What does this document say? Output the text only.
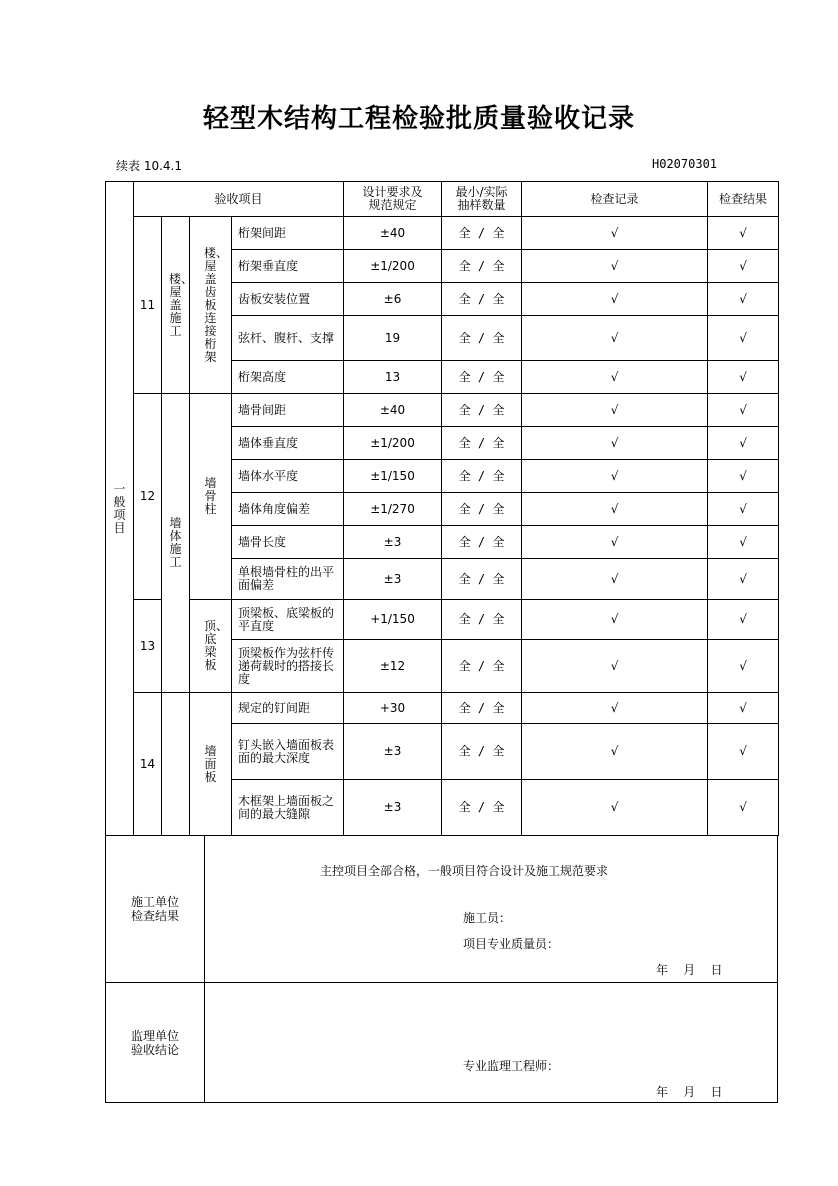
轻型木结构工程检验批质量验收记录
续表 10.4.1	H02070301
一般项目	验收项目				设计要求及规范规定	最小/实际抽样数量	检查记录	检查结果
	11	楼、屋盖施工	楼、屋盖齿板连接桁架	桁架间距	±40	全 / 全	√	√
				桁架垂直度	±1/200	全 / 全	√	√
				齿板安装位置	±6	全 / 全	√	√
				弦杆、腹杆、支撑	19	全 / 全	√	√
				桁架高度	13	全 / 全	√	√
	12	墙体施工	墙骨柱	墙骨间距	±40	全 / 全	√	√
				墙体垂直度	±1/200	全 / 全	√	√
				墙体水平度	±1/150	全 / 全	√	√
				墙体角度偏差	±1/270	全 / 全	√	√
				墙骨长度	±3	全 / 全	√	√
				单根墙骨柱的出平面偏差	±3	全 / 全	√	√
	13		顶、底梁板	顶梁板、底梁板的平直度	+1/150	全 / 全	√	√
				顶梁板作为弦杆传递荷载时的搭接长度	±12	全 / 全	√	√
	14		墙面板	规定的钉间距	+30	全 / 全	√	√
				钉头嵌入墙面板表面的最大深度	±3	全 / 全	√	√
				木框架上墙面板之间的最大缝隙	±3	全 / 全	√	√
施工单位检查结果
主控项目全部合格，一般项目符合设计及施工规范要求
施工员：
项目专业质量员：
年    月    日
监理单位验收结论
专业监理工程师：
年    月    日
